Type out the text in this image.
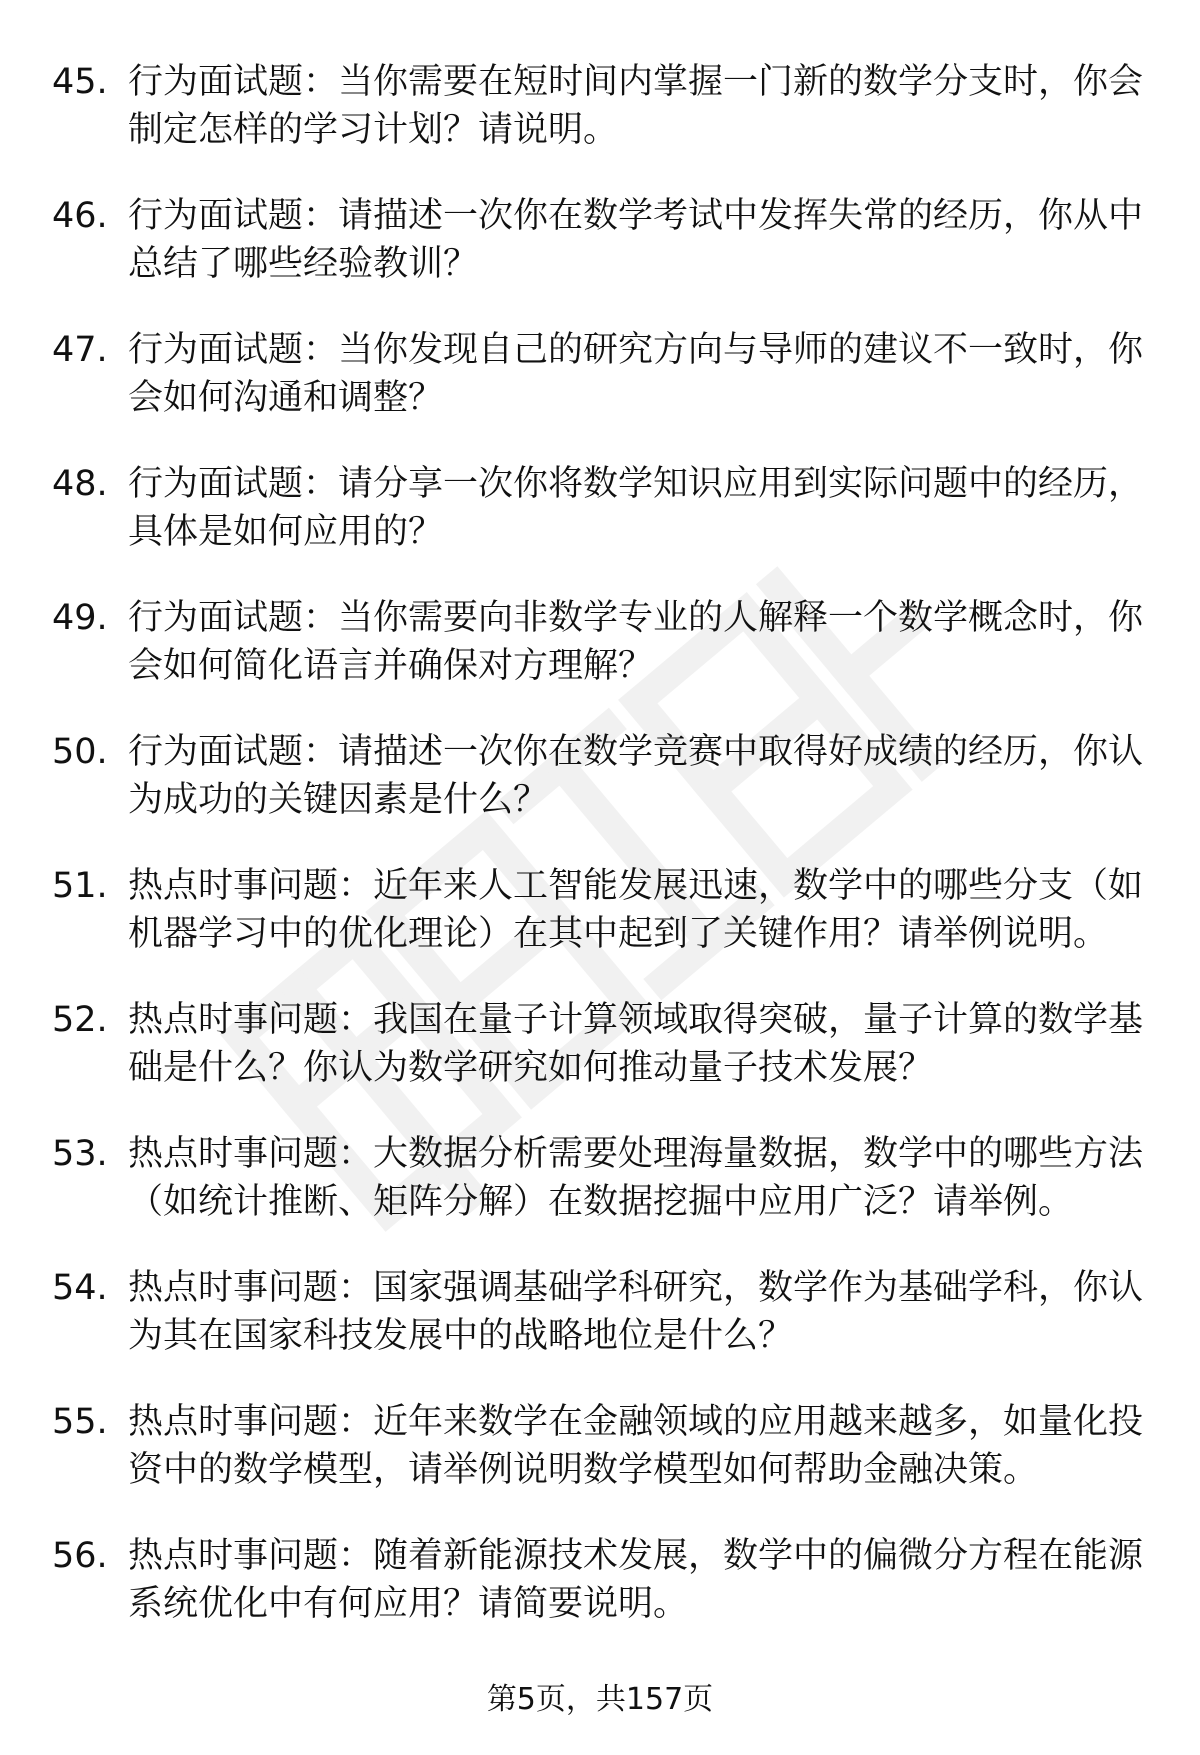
45. 行为面试题：当你需要在短时间内掌握一门新的数学分支时，你会制定怎样的学习计划？请说明。
46. 行为面试题：请描述一次你在数学考试中发挥失常的经历，你从中总结了哪些经验教训？
47. 行为面试题：当你发现自己的研究方向与导师的建议不一致时，你会如何沟通和调整？
48. 行为面试题：请分享一次你将数学知识应用到实际问题中的经历，具体是如何应用的？
49. 行为面试题：当你需要向非数学专业的人解释一个数学概念时，你会如何简化语言并确保对方理解？
50. 行为面试题：请描述一次你在数学竞赛中取得好成绩的经历，你认为成功的关键因素是什么？
51. 热点时事问题：近年来人工智能发展迅速，数学中的哪些分支（如机器学习中的优化理论）在其中起到了关键作用？请举例说明。
52. 热点时事问题：我国在量子计算领域取得突破，量子计算的数学基础是什么？你认为数学研究如何推动量子技术发展？
53. 热点时事问题：大数据分析需要处理海量数据，数学中的哪些方法（如统计推断、矩阵分解）在数据挖掘中应用广泛？请举例。
54. 热点时事问题：国家强调基础学科研究，数学作为基础学科，你认为其在国家科技发展中的战略地位是什么？
55. 热点时事问题：近年来数学在金融领域的应用越来越多，如量化投资中的数学模型，请举例说明数学模型如何帮助金融决策。
56. 热点时事问题：随着新能源技术发展，数学中的偏微分方程在能源系统优化中有何应用？请简要说明。
第5页，共157页
